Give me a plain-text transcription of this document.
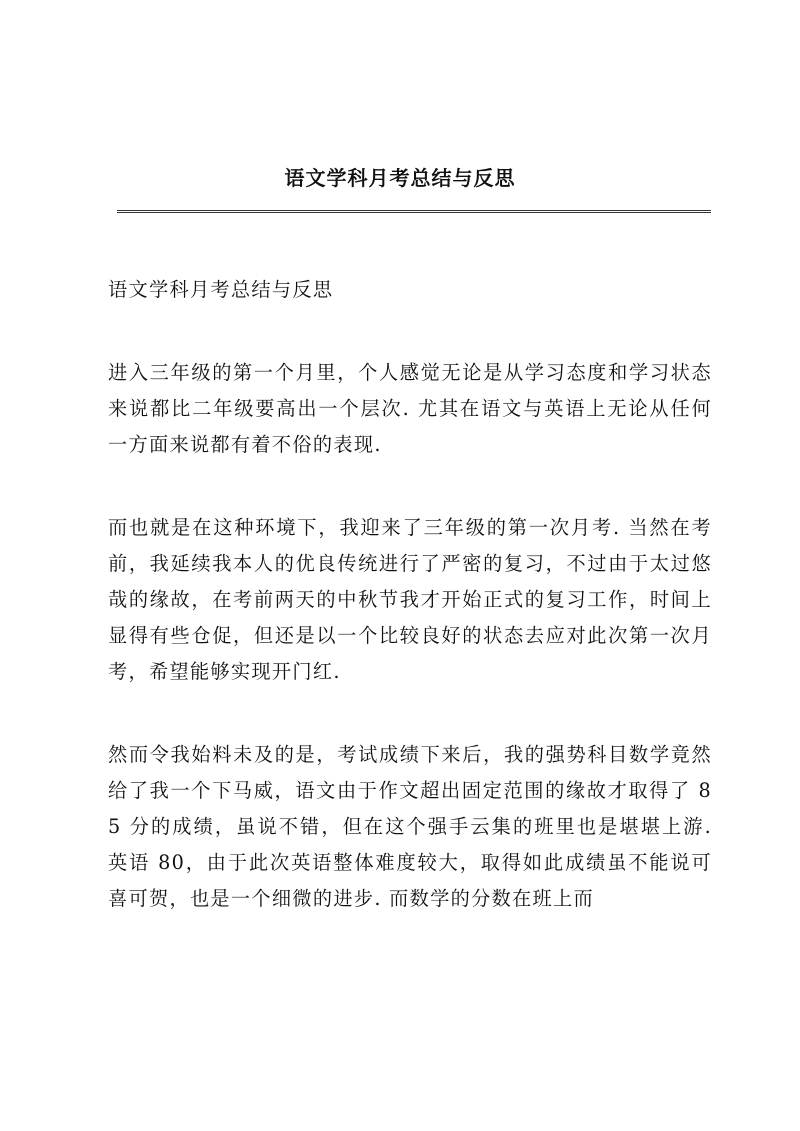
语文学科月考总结与反思

语文学科月考总结与反思

进入三年级的第一个月里，个人感觉无论是从学习态度和学习状态来说都比二年级要高出一个层次. 尤其在语文与英语上无论从任何一方面来说都有着不俗的表现.

而也就是在这种环境下，我迎来了三年级的第一次月考. 当然在考前，我延续我本人的优良传统进行了严密的复习，不过由于太过悠哉的缘故，在考前两天的中秋节我才开始正式的复习工作，时间上显得有些仓促，但还是以一个比较良好的状态去应对此次第一次月考，希望能够实现开门红.

然而令我始料未及的是，考试成绩下来后，我的强势科目数学竟然给了我一个下马威，语文由于作文超出固定范围的缘故才取得了 85 分的成绩，虽说不错，但在这个强手云集的班里也是堪堪上游. 英语 80，由于此次英语整体难度较大，取得如此成绩虽不能说可喜可贺，也是一个细微的进步. 而数学的分数在班上而
